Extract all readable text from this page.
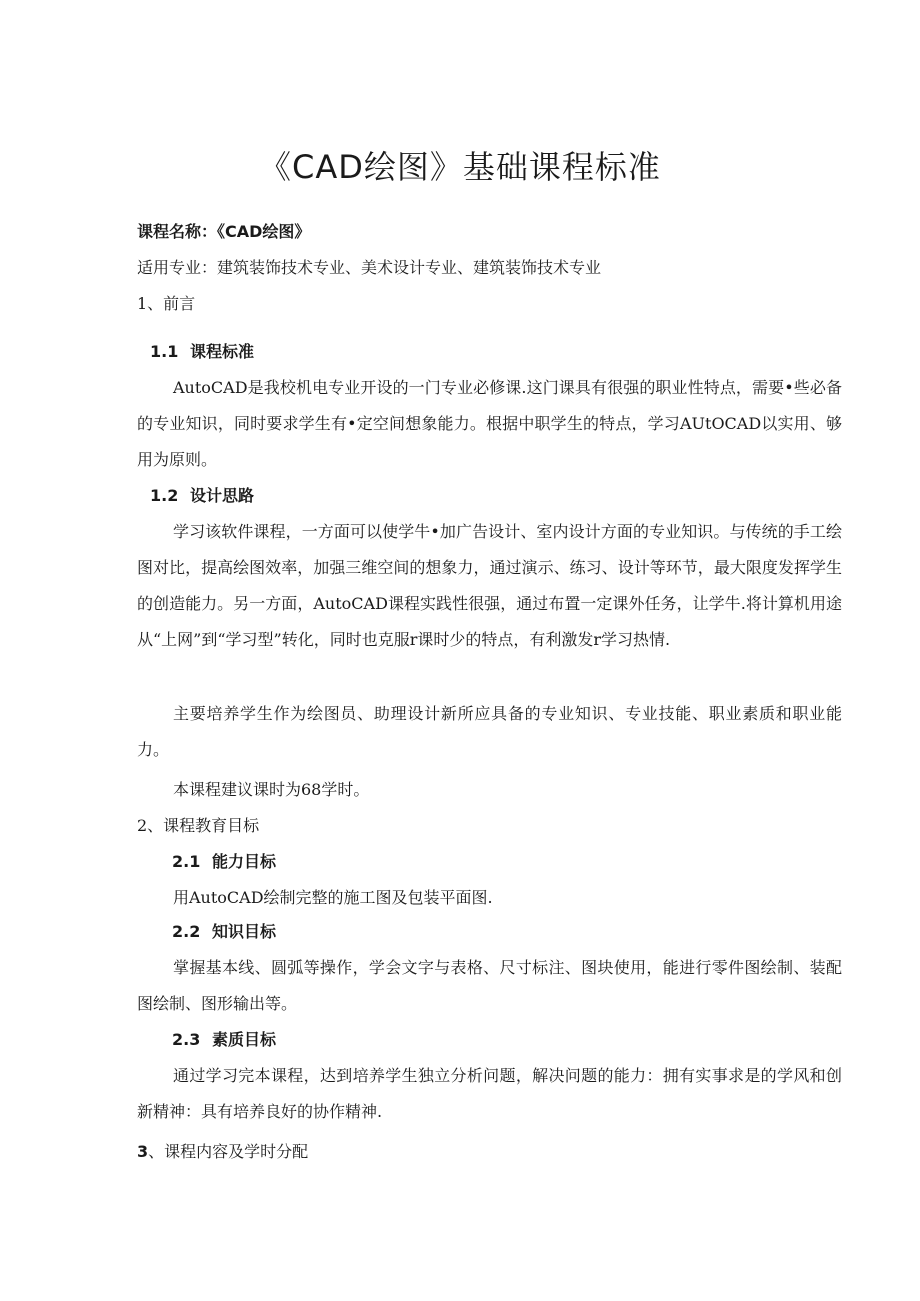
《CAD绘图》基础课程标准
课程名称：《CAD绘图》
适用专业：建筑装饰技术专业、美术设计专业、建筑装饰技术专业
1、前言
1.1 课程标准
AutoCAD是我校机电专业开设的一门专业必修课.这门课具有很强的职业性特点，需要•些必备的专业知识，同时要求学生有•定空间想象能力。根据中职学生的特点，学习AUtOCAD以实用、够用为原则。
1.2 设计思路
学习该软件课程，一方面可以使学牛•加广告设计、室内设计方面的专业知识。与传统的手工绘图对比，提高绘图效率，加强三维空间的想象力，通过演示、练习、设计等环节，最大限度发挥学生的创造能力。另一方面，AutoCAD课程实践性很强，通过布置一定课外任务，让学牛.将计算机用途从“上网”到“学习型”转化，同时也克服r课时少的特点，有利激发r学习热情.
主要培养学生作为绘图员、助理设计新所应具备的专业知识、专业技能、职业素质和职业能力。
本课程建议课时为68学时。
2、课程教育目标
2.1 能力目标
用AutoCAD绘制完整的施工图及包装平面图.
2.2 知识目标
掌握基本线、圆弧等操作，学会文字与表格、尺寸标注、图块使用，能进行零件图绘制、装配图绘制、图形输出等。
2.3 素质目标
通过学习完本课程，达到培养学生独立分析问题，解决问题的能力：拥有实事求是的学风和创新精神：具有培养良好的协作精神.
3、课程内容及学时分配
